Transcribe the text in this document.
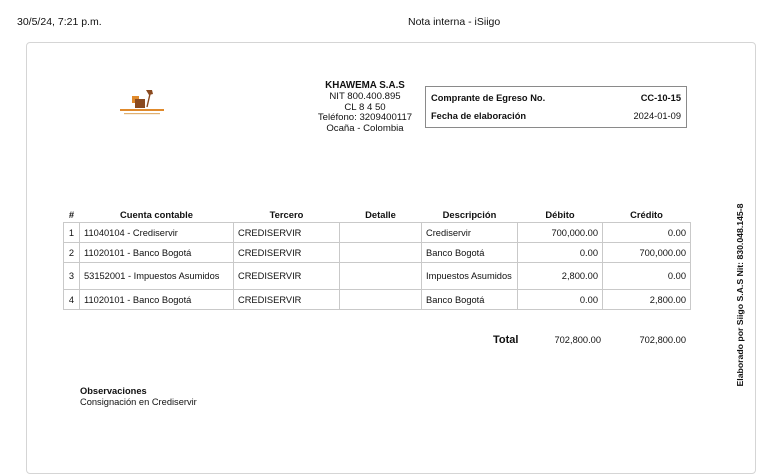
30/5/24, 7:21 p.m.	Nota interna - iSiigo
KHAWEMA S.A.S
NIT 800.400.895
CL 8 4 50
Teléfono: 3209400117
Ocaña - Colombia
Comprante de Egreso No.	CC-10-15
Fecha de elaboración	2024-01-09
Elaborado por Siigo S.A.S Nit: 830.048.145-8
#	Cuenta contable	Tercero	Detalle	Descripción	Débito	Crédito
1	11040104 - Crediservir	CREDISERVIR		Crediservir	700,000.00	0.00
2	11020101 - Banco Bogotá	CREDISERVIR		Banco Bogotá	0.00	700,000.00
3	53152001 - Impuestos Asumidos	CREDISERVIR		Impuestos Asumidos	2,800.00	0.00
4	11020101 - Banco Bogotá	CREDISERVIR		Banco Bogotá	0.00	2,800.00
Total	702,800.00	702,800.00
Observaciones
Consignación en Crediservir
